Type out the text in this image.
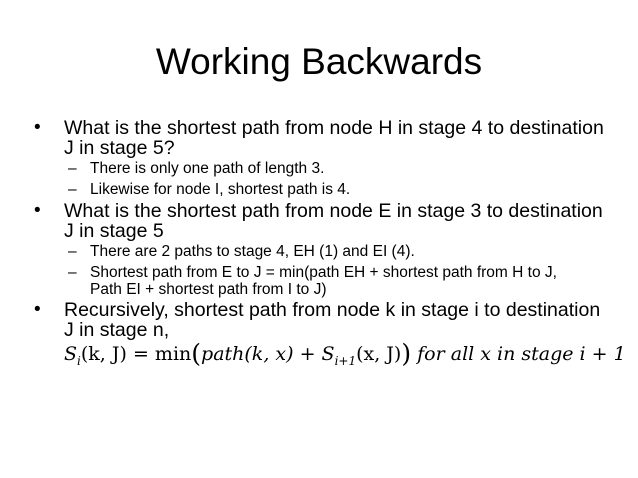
Working Backwards
• What is the shortest path from node H in stage 4 to destination J in stage 5?
– There is only one path of length 3.
– Likewise for node I, shortest path is 4.
• What is the shortest path from node E in stage 3 to destination J in stage 5
– There are 2 paths to stage 4, EH (1) and EI (4).
– Shortest path from E to J = min(path EH + shortest path from H to J, Path EI + shortest path from I to J)
• Recursively, shortest path from node k in stage i to destination J in stage n,
$S_i(k$, J) = min(path(k, $x) + S_{i+1}(x$, J)) for all x in stage i + 1
